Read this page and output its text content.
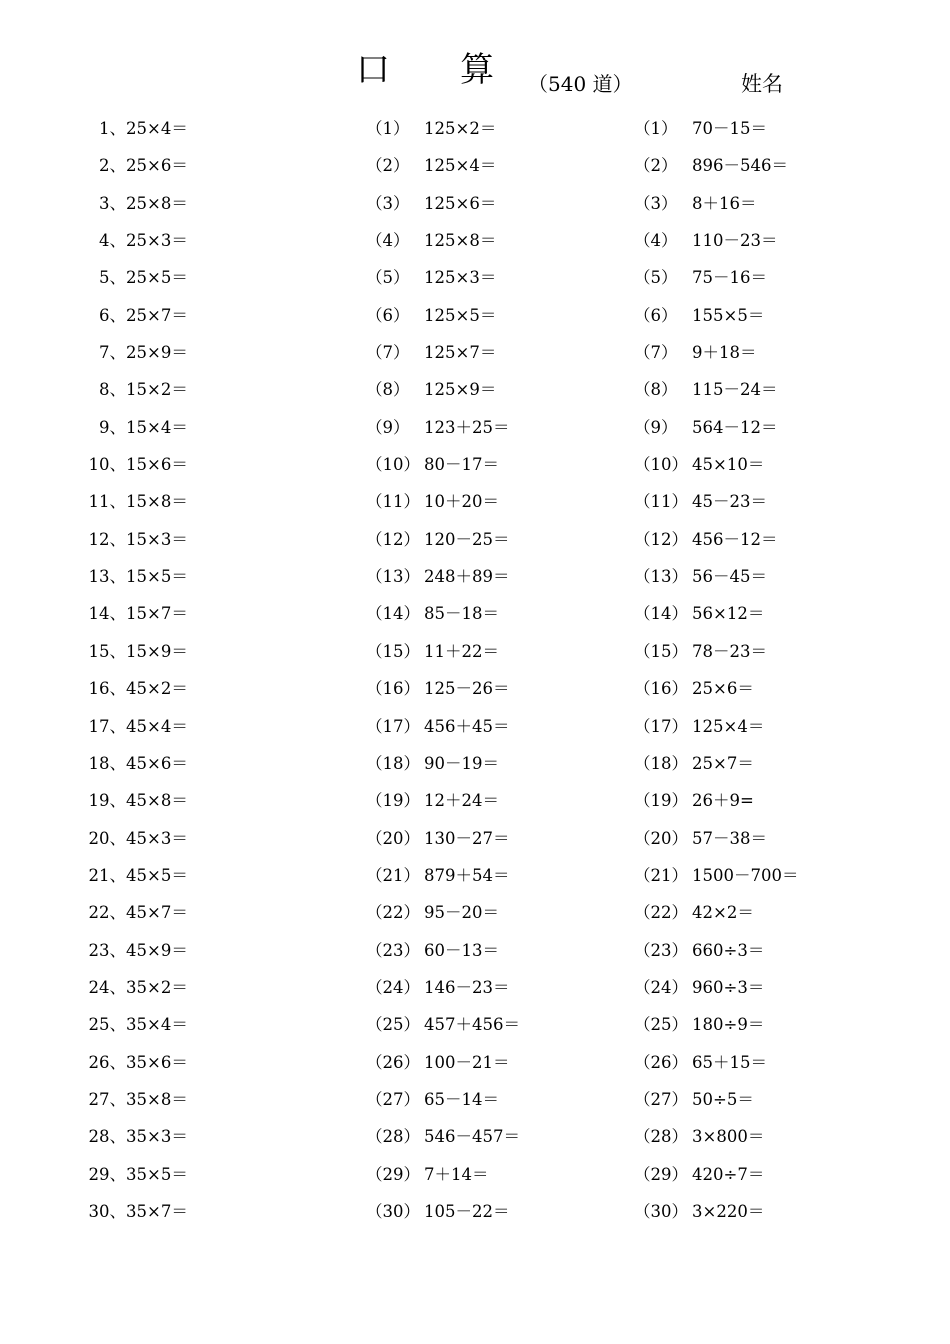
口 算 （540 道）	姓名
1、25×4＝
2、25×6＝
3、25×8＝
4、25×3＝
5、25×5＝
6、25×7＝
7、25×9＝
8、15×2＝
9、15×4＝
10、15×6＝
11、15×8＝
12、15×3＝
13、15×5＝
14、15×7＝
15、15×9＝
16、45×2＝
17、45×4＝
18、45×6＝
19、45×8＝
20、45×3＝
21、45×5＝
22、45×7＝
23、45×9＝
24、35×2＝
25、35×4＝
26、35×6＝
27、35×8＝
28、35×3＝
29、35×5＝
30、35×7＝
（1） 125×2＝
（2） 125×4＝
（3） 125×6＝
（4） 125×8＝
（5） 125×3＝
（6） 125×5＝
（7） 125×7＝
（8） 125×9＝
（9） 123＋25＝
（10） 80－17＝
（11） 10＋20＝
（12） 120－25＝
（13） 248＋89＝
（14） 85－18＝
（15） 11＋22＝
（16） 125－26＝
（17） 456＋45＝
（18） 90－19＝
（19） 12＋24＝
（20） 130－27＝
（21） 879＋54＝
（22） 95－20＝
（23） 60－13＝
（24） 146－23＝
（25） 457＋456＝
（26） 100－21＝
（27） 65－14＝
（28） 546－457＝
（29） 7＋14＝
（30） 105－22＝
（1） 70－15＝
（2） 896－546＝
（3） 8＋16＝
（4） 110－23＝
（5） 75－16＝
（6） 155×5＝
（7） 9＋18＝
（8） 115－24＝
（9） 564－12＝
（10） 45×10＝
（11） 45－23＝
（12） 456－12＝
（13） 56－45＝
（14） 56×12＝
（15） 78－23＝
（16） 25×6＝
（17） 125×4＝
（18） 25×7＝
（19） 26＋9=
（20） 57－38＝
（21） 1500－700＝
（22） 42×2＝
（23） 660÷3＝
（24） 960÷3＝
（25） 180÷9＝
（26） 65＋15＝
（27） 50÷5＝
（28） 3×800＝
（29） 420÷7＝
（30） 3×220＝
